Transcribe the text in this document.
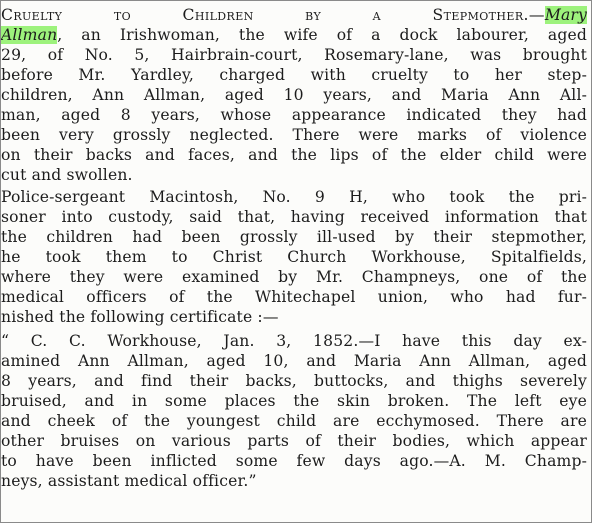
Cruelty to Children by a Stepmother.—Mary
Allman, an Irishwoman, the wife of a dock labourer, aged
29, of No. 5, Hairbrain-court, Rosemary-lane, was brought
before Mr. Yardley, charged with cruelty to her step-
children, Ann Allman, aged 10 years, and Maria Ann All-
man, aged 8 years, whose appearance indicated they had
been very grossly neglected. There were marks of violence
on their backs and faces, and the lips of the elder child were
cut and swollen.
Police-sergeant Macintosh, No. 9 H, who took the pri-
soner into custody, said that, having received information that
the children had been grossly ill-used by their stepmother,
he took them to Christ Church Workhouse, Spitalfields,
where they were examined by Mr. Champneys, one of the
medical officers of the Whitechapel union, who had fur-
nished the following certificate :—
“ C. C. Workhouse, Jan. 3, 1852.—I have this day ex-
amined Ann Allman, aged 10, and Maria Ann Allman, aged
8 years, and find their backs, buttocks, and thighs severely
bruised, and in some places the skin broken. The left eye
and cheek of the youngest child are ecchymosed. There are
other bruises on various parts of their bodies, which appear
to have been inflicted some few days ago.—A. M. Champ-
neys, assistant medical officer.”
